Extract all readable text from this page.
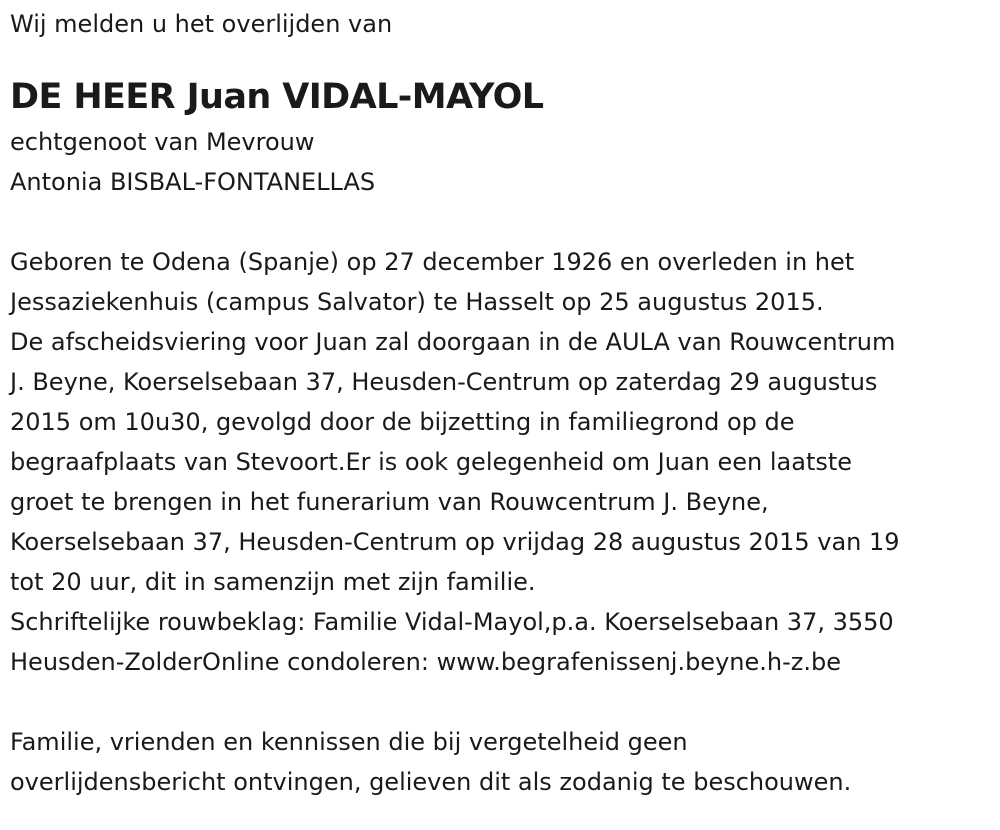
Wij melden u het overlijden van

DE HEER Juan VIDAL-MAYOL

echtgenoot van Mevrouw

Antonia BISBAL-FONTANELLAS

Geboren te Odena (Spanje) op 27 december 1926 en overleden in het
Jessaziekenhuis (campus Salvator) te Hasselt op 25 augustus 2015.
De afscheidsviering voor Juan zal doorgaan in de AULA van Rouwcentrum
J. Beyne, Koerselsebaan 37, Heusden-Centrum op zaterdag 29 augustus
2015 om 10u30, gevolgd door de bijzetting in familiegrond op de
begraafplaats van Stevoort.Er is ook gelegenheid om Juan een laatste
groet te brengen in het funerarium van Rouwcentrum J. Beyne,
Koerselsebaan 37, Heusden-Centrum op vrijdag 28 augustus 2015 van 19
tot 20 uur, dit in samenzijn met zijn familie.
Schriftelijke rouwbeklag: Familie Vidal-Mayol,p.a. Koerselsebaan 37, 3550
Heusden-ZolderOnline condoleren: www.begrafenissenj.beyne.h-z.be
Familie, vrienden en kennissen die bij vergetelheid geen
overlijdensbericht ontvingen, gelieven dit als zodanig te beschouwen.
